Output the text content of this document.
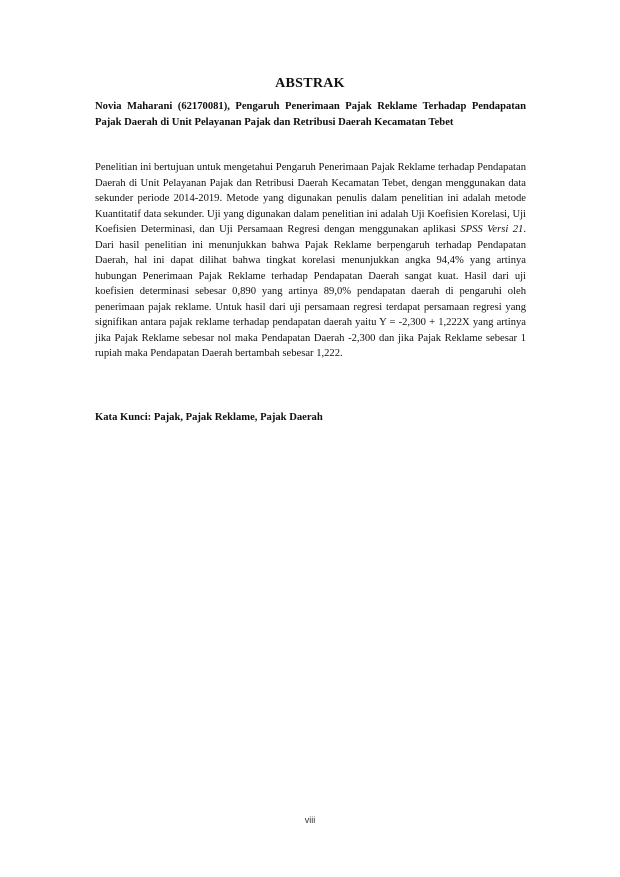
ABSTRAK

Novia Maharani (62170081), Pengaruh Penerimaan Pajak Reklame Terhadap Pendapatan Pajak Daerah di Unit Pelayanan Pajak dan Retribusi Daerah Kecamatan Tebet

Penelitian ini bertujuan untuk mengetahui Pengaruh Penerimaan Pajak Reklame terhadap Pendapatan Daerah di Unit Pelayanan Pajak dan Retribusi Daerah Kecamatan Tebet, dengan menggunakan data sekunder periode 2014-2019. Metode yang digunakan penulis dalam penelitian ini adalah metode Kuantitatif data sekunder. Uji yang digunakan dalam penelitian ini adalah Uji Koefisien Korelasi, Uji Koefisien Determinasi, dan Uji Persamaan Regresi dengan menggunakan aplikasi SPSS Versi 21. Dari hasil penelitian ini menunjukkan bahwa Pajak Reklame berpengaruh terhadap Pendapatan Daerah, hal ini dapat dilihat bahwa tingkat korelasi menunjukkan angka 94,4% yang artinya hubungan Penerimaan Pajak Reklame terhadap Pendapatan Daerah sangat kuat. Hasil dari uji koefisien determinasi sebesar 0,890 yang artinya 89,0% pendapatan daerah di pengaruhi oleh penerimaan pajak reklame. Untuk hasil dari uji persamaan regresi terdapat persamaan regresi yang signifikan antara pajak reklame terhadap pendapatan daerah yaitu Y = -2,300 + 1,222X yang artinya jika Pajak Reklame sebesar nol maka Pendapatan Daerah -2,300 dan jika Pajak Reklame sebesar 1 rupiah maka Pendapatan Daerah bertambah sebesar 1,222.

Kata Kunci: Pajak, Pajak Reklame, Pajak Daerah

viii
